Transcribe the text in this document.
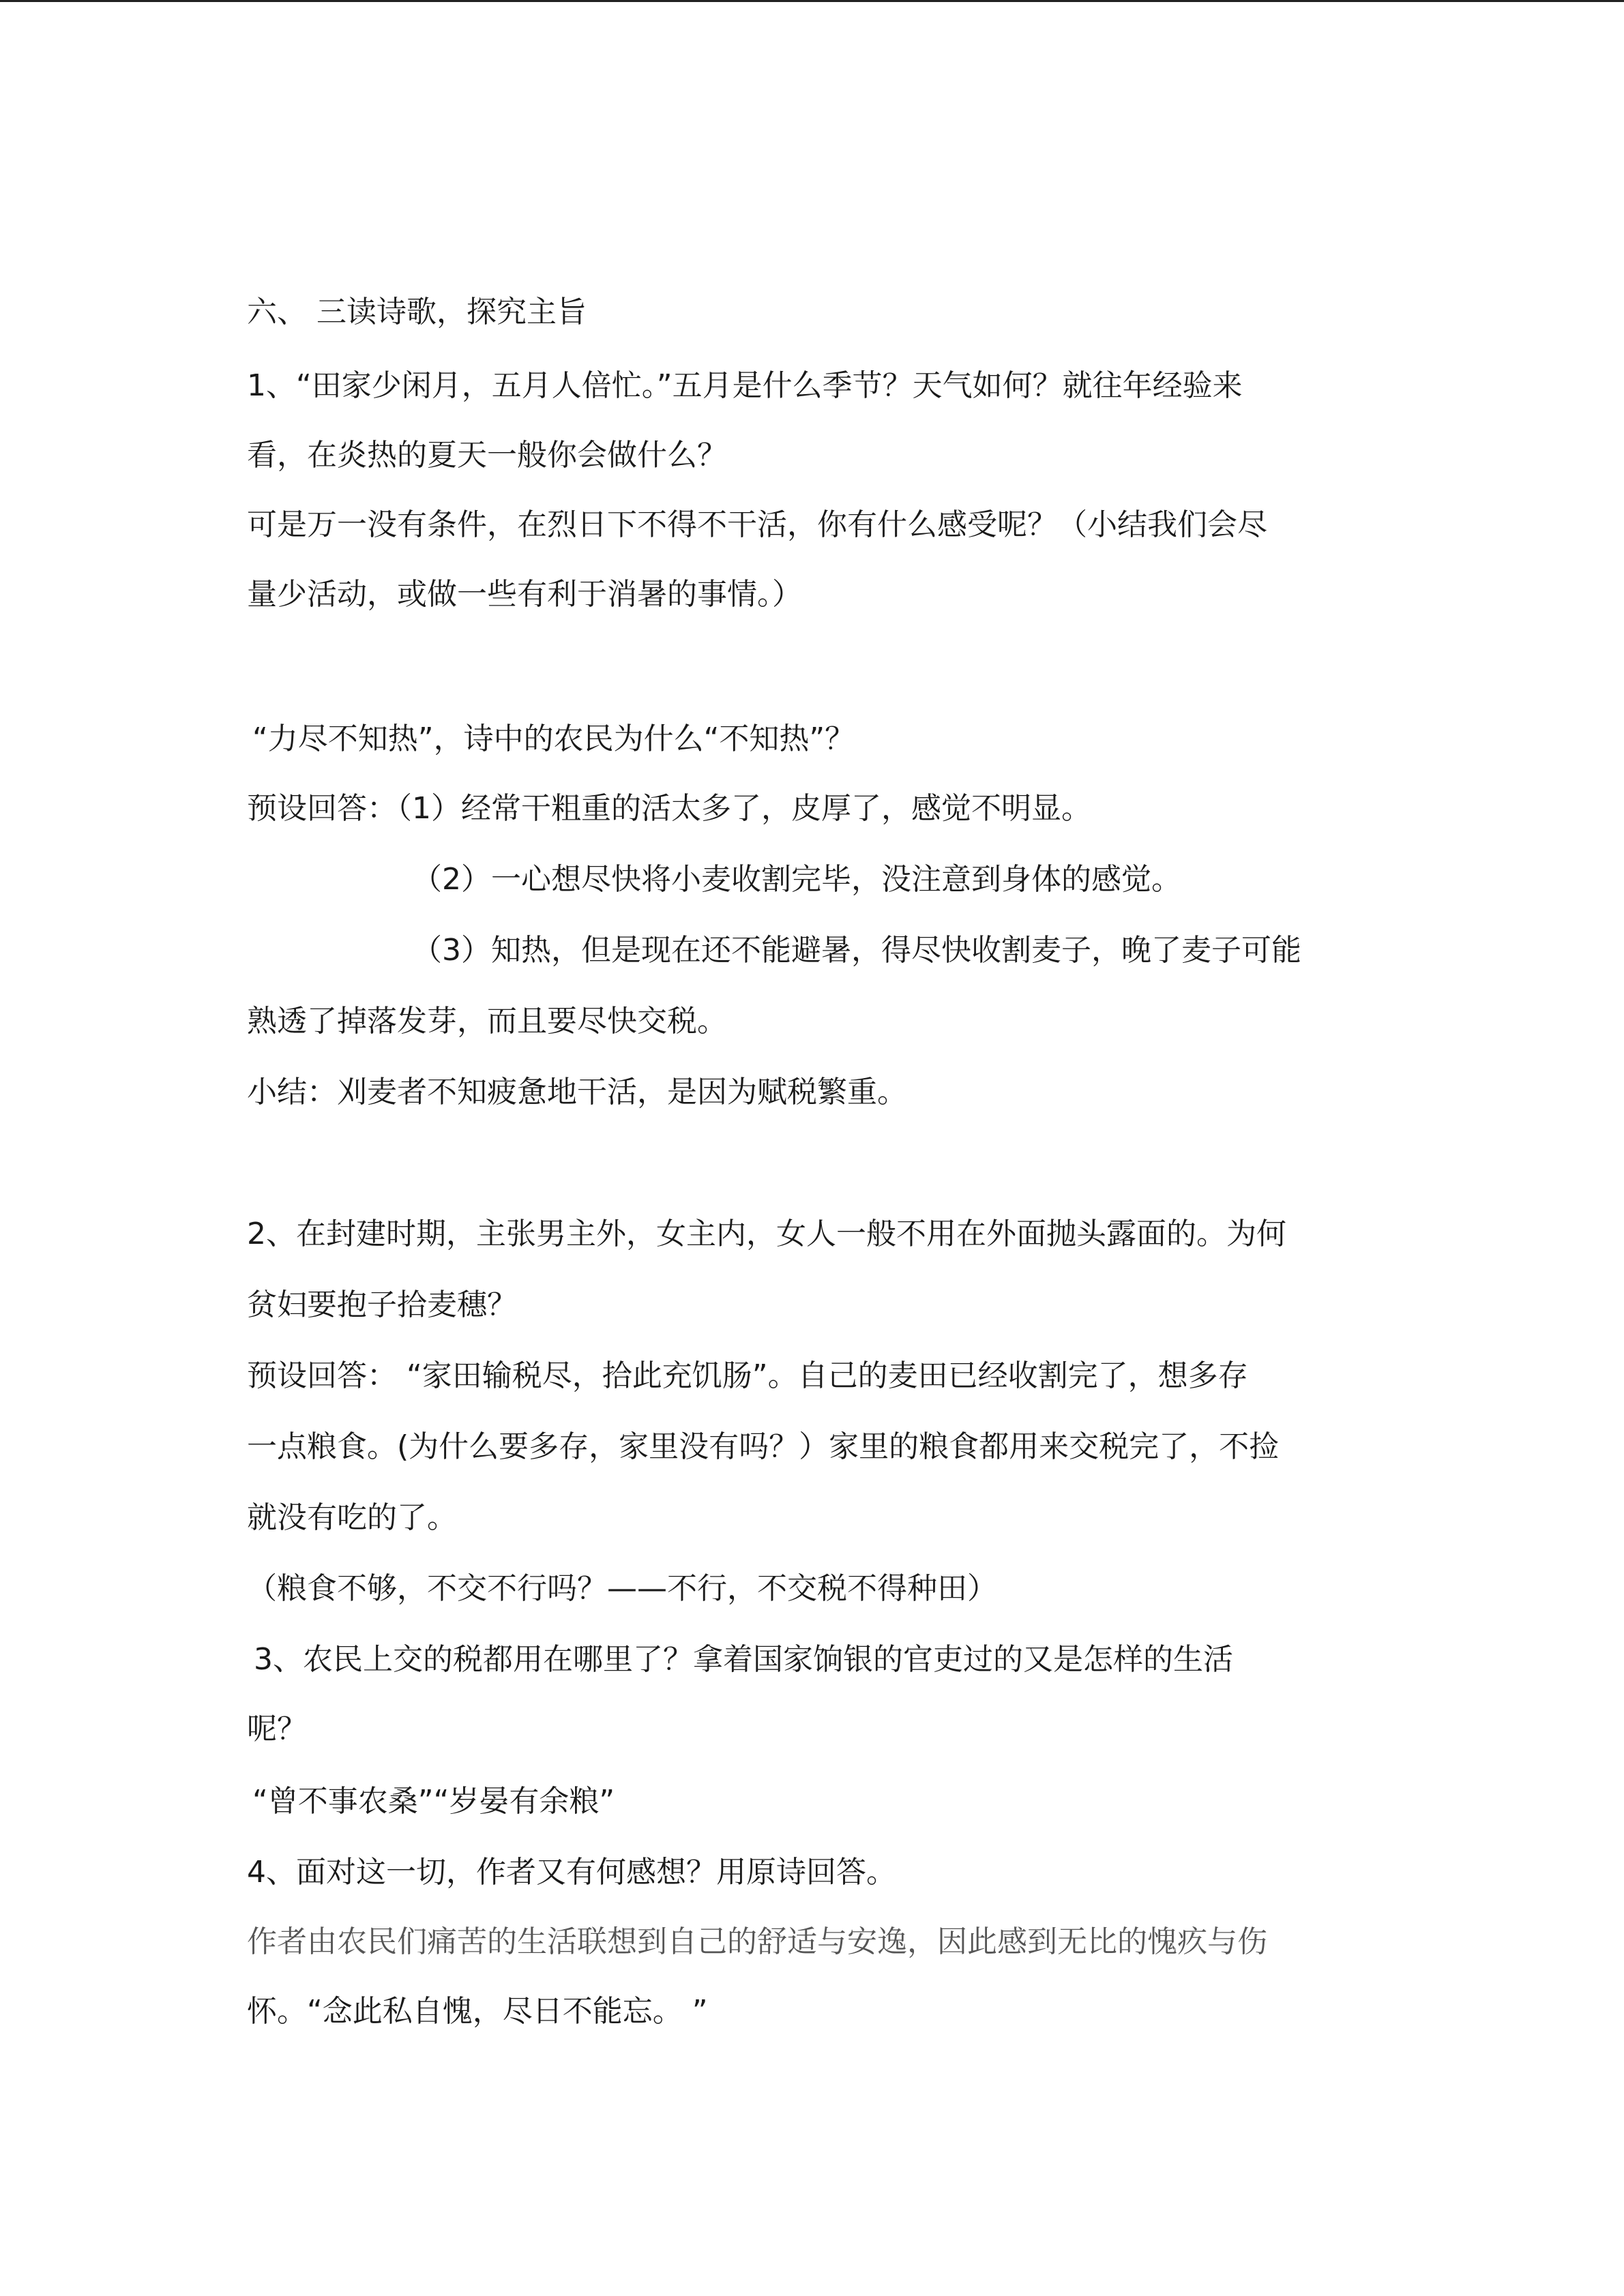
六、 三读诗歌，探究主旨
1、“田家少闲月，五月人倍忙。”五月是什么季节？天气如何？就往年经验来
看，在炎热的夏天一般你会做什么？
可是万一没有条件，在烈日下不得不干活，你有什么感受呢？（小结我们会尽
量少活动，或做一些有利于消暑的事情。）
“力尽不知热”，诗中的农民为什么“不知热”？
预设回答：（1）经常干粗重的活太多了，皮厚了，感觉不明显。
（2）一心想尽快将小麦收割完毕，没注意到身体的感觉。
（3）知热，但是现在还不能避暑，得尽快收割麦子，晚了麦子可能
熟透了掉落发芽，而且要尽快交税。
小结：刈麦者不知疲惫地干活，是因为赋税繁重。
2、在封建时期，主张男主外，女主内，女人一般不用在外面抛头露面的。为何
贫妇要抱子拾麦穗？
预设回答： “家田输税尽，拾此充饥肠”。自己的麦田已经收割完了，想多存
一点粮食。(为什么要多存，家里没有吗？）家里的粮食都用来交税完了，不捡
就没有吃的了。
（粮食不够，不交不行吗？——不行，不交税不得种田）
3、农民上交的税都用在哪里了？拿着国家饷银的官吏过的又是怎样的生活
呢？
“曾不事农桑”“岁晏有余粮”
4、面对这一切，作者又有何感想？用原诗回答。
作者由农民们痛苦的生活联想到自己的舒适与安逸，因此感到无比的愧疚与伤
怀。“念此私自愧，尽日不能忘。 ”
